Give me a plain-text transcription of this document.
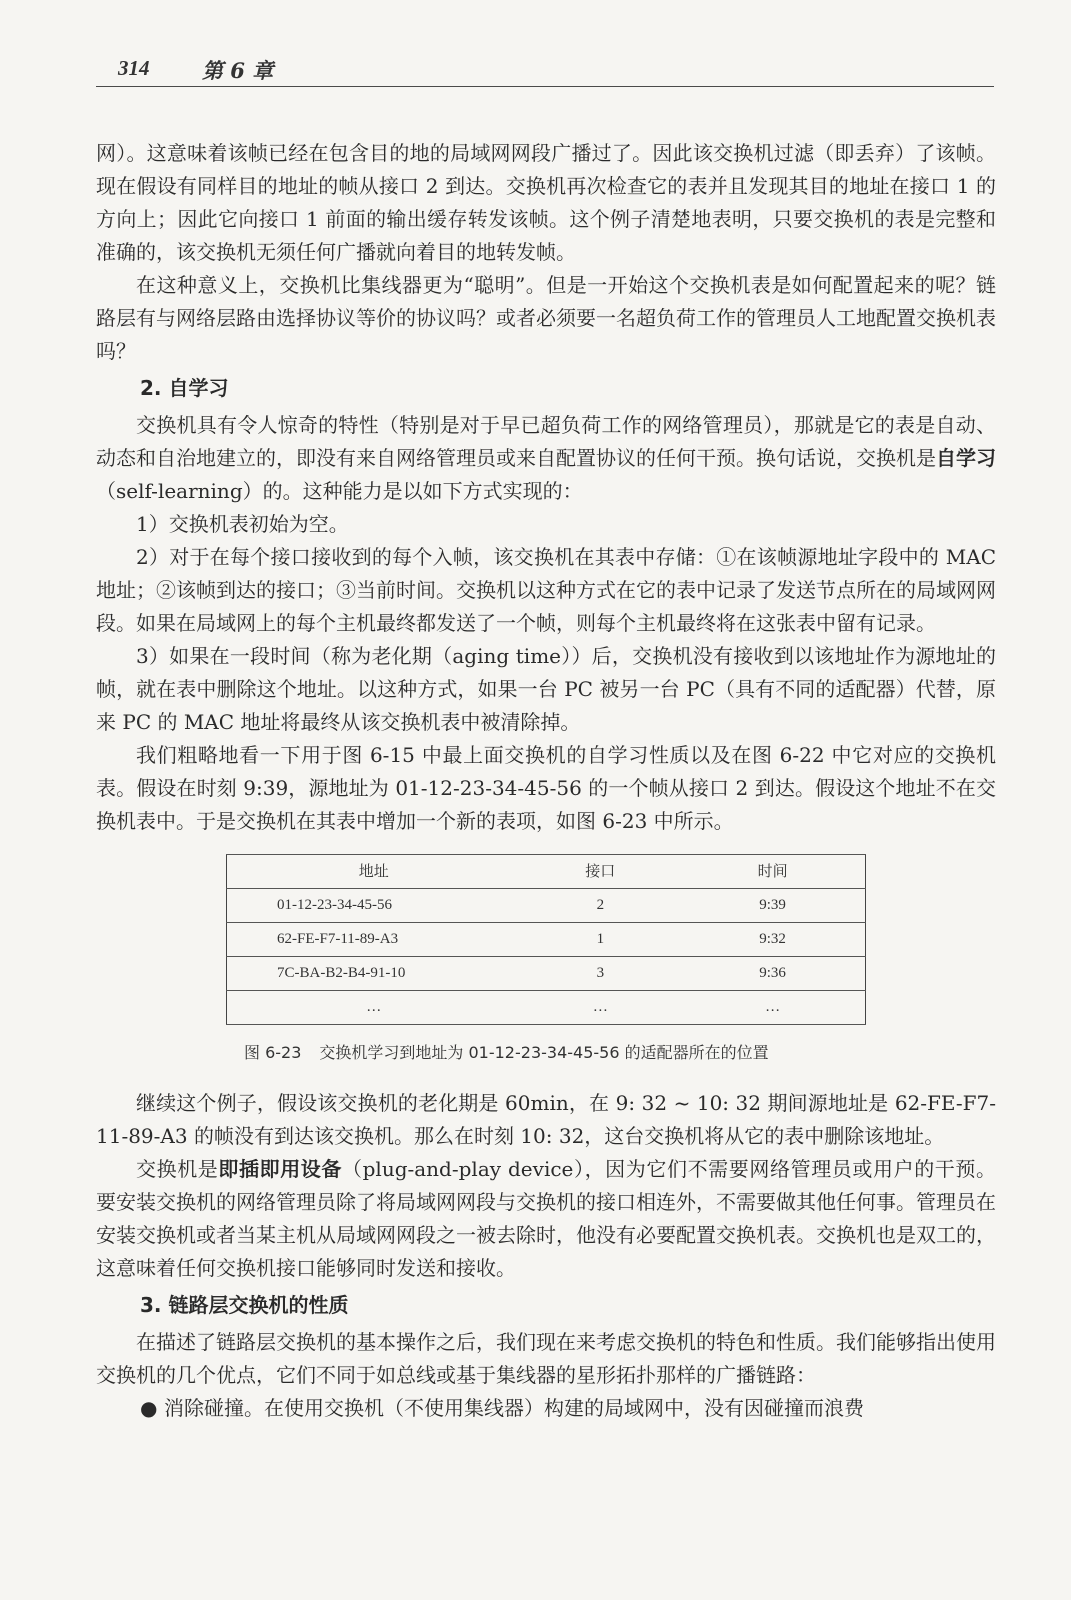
314	第 6 章

网）。这意味着该帧已经在包含目的地的局域网网段广播过了。因此该交换机过滤（即丢弃）了该帧。现在假设有同样目的地址的帧从接口 2 到达。交换机再次检查它的表并且发现其目的地址在接口 1 的方向上；因此它向接口 1 前面的输出缓存转发该帧。这个例子清楚地表明，只要交换机的表是完整和准确的，该交换机无须任何广播就向着目的地转发帧。

在这种意义上，交换机比集线器更为“聪明”。但是一开始这个交换机表是如何配置起来的呢？链路层有与网络层路由选择协议等价的协议吗？或者必须要一名超负荷工作的管理员人工地配置交换机表吗？

2. 自学习

交换机具有令人惊奇的特性（特别是对于早已超负荷工作的网络管理员），那就是它的表是自动、动态和自治地建立的，即没有来自网络管理员或来自配置协议的任何干预。换句话说，交换机是自学习（self-learning）的。这种能力是以如下方式实现的：

1）交换机表初始为空。

2）对于在每个接口接收到的每个入帧，该交换机在其表中存储：①在该帧源地址字段中的 MAC 地址；②该帧到达的接口；③当前时间。交换机以这种方式在它的表中记录了发送节点所在的局域网网段。如果在局域网上的每个主机最终都发送了一个帧，则每个主机最终将在这张表中留有记录。

3）如果在一段时间（称为老化期（aging time））后，交换机没有接收到以该地址作为源地址的帧，就在表中删除这个地址。以这种方式，如果一台 PC 被另一台 PC（具有不同的适配器）代替，原来 PC 的 MAC 地址将最终从该交换机表中被清除掉。

我们粗略地看一下用于图 6-15 中最上面交换机的自学习性质以及在图 6-22 中它对应的交换机表。假设在时刻 9:39，源地址为 01-12-23-34-45-56 的一个帧从接口 2 到达。假设这个地址不在交换机表中。于是交换机在其表中增加一个新的表项，如图 6-23 中所示。

地址	接口	时间
01-12-23-34-45-56	2	9:39
62-FE-F7-11-89-A3	1	9:32
7C-BA-B2-B4-91-10	3	9:36
…	…	…
图 6-23 交换机学习到地址为 01-12-23-34-45-56 的适配器所在的位置

继续这个例子，假设该交换机的老化期是 60min，在 9: 32 ~ 10: 32 期间源地址是 62-FE-F7-11-89-A3 的帧没有到达该交换机。那么在时刻 10: 32，这台交换机将从它的表中删除该地址。

交换机是即插即用设备（plug-and-play device），因为它们不需要网络管理员或用户的干预。要安装交换机的网络管理员除了将局域网网段与交换机的接口相连外，不需要做其他任何事。管理员在安装交换机或者当某主机从局域网网段之一被去除时，他没有必要配置交换机表。交换机也是双工的，这意味着任何交换机接口能够同时发送和接收。

3. 链路层交换机的性质

在描述了链路层交换机的基本操作之后，我们现在来考虑交换机的特色和性质。我们能够指出使用交换机的几个优点，它们不同于如总线或基于集线器的星形拓扑那样的广播链路：

● 消除碰撞。在使用交换机（不使用集线器）构建的局域网中，没有因碰撞而浪费
